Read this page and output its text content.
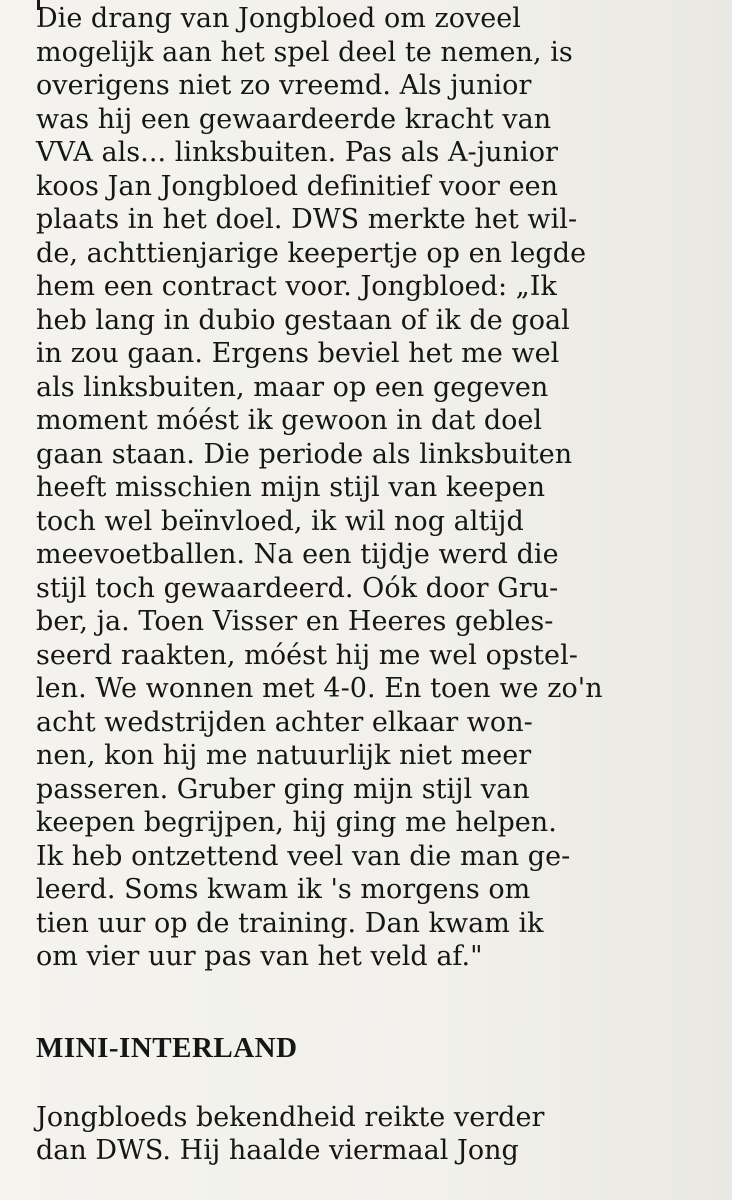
Die drang van Jongbloed om zoveel
mogelijk aan het spel deel te nemen, is
overigens niet zo vreemd. Als junior
was hij een gewaardeerde kracht van
VVA als... linksbuiten. Pas als A-junior
koos Jan Jongbloed definitief voor een
plaats in het doel. DWS merkte het wil-
de, achttienjarige keepertje op en legde
hem een contract voor. Jongbloed: „Ik
heb lang in dubio gestaan of ik de goal
in zou gaan. Ergens beviel het me wel
als linksbuiten, maar op een gegeven
moment móést ik gewoon in dat doel
gaan staan. Die periode als linksbuiten
heeft misschien mijn stijl van keepen
toch wel beïnvloed, ik wil nog altijd
meevoetballen. Na een tijdje werd die
stijl toch gewaardeerd. Oók door Gru-
ber, ja. Toen Visser en Heeres gebles-
seerd raakten, móést hij me wel opstel-
len. We wonnen met 4-0. En toen we zo'n
acht wedstrijden achter elkaar won-
nen, kon hij me natuurlijk niet meer
passeren. Gruber ging mijn stijl van
keepen begrijpen, hij ging me helpen.
Ik heb ontzettend veel van die man ge-
leerd. Soms kwam ik 's morgens om
tien uur op de training. Dan kwam ik
om vier uur pas van het veld af."
MINI-INTERLAND
Jongbloeds bekendheid reikte verder
dan DWS. Hij haalde viermaal Jong
